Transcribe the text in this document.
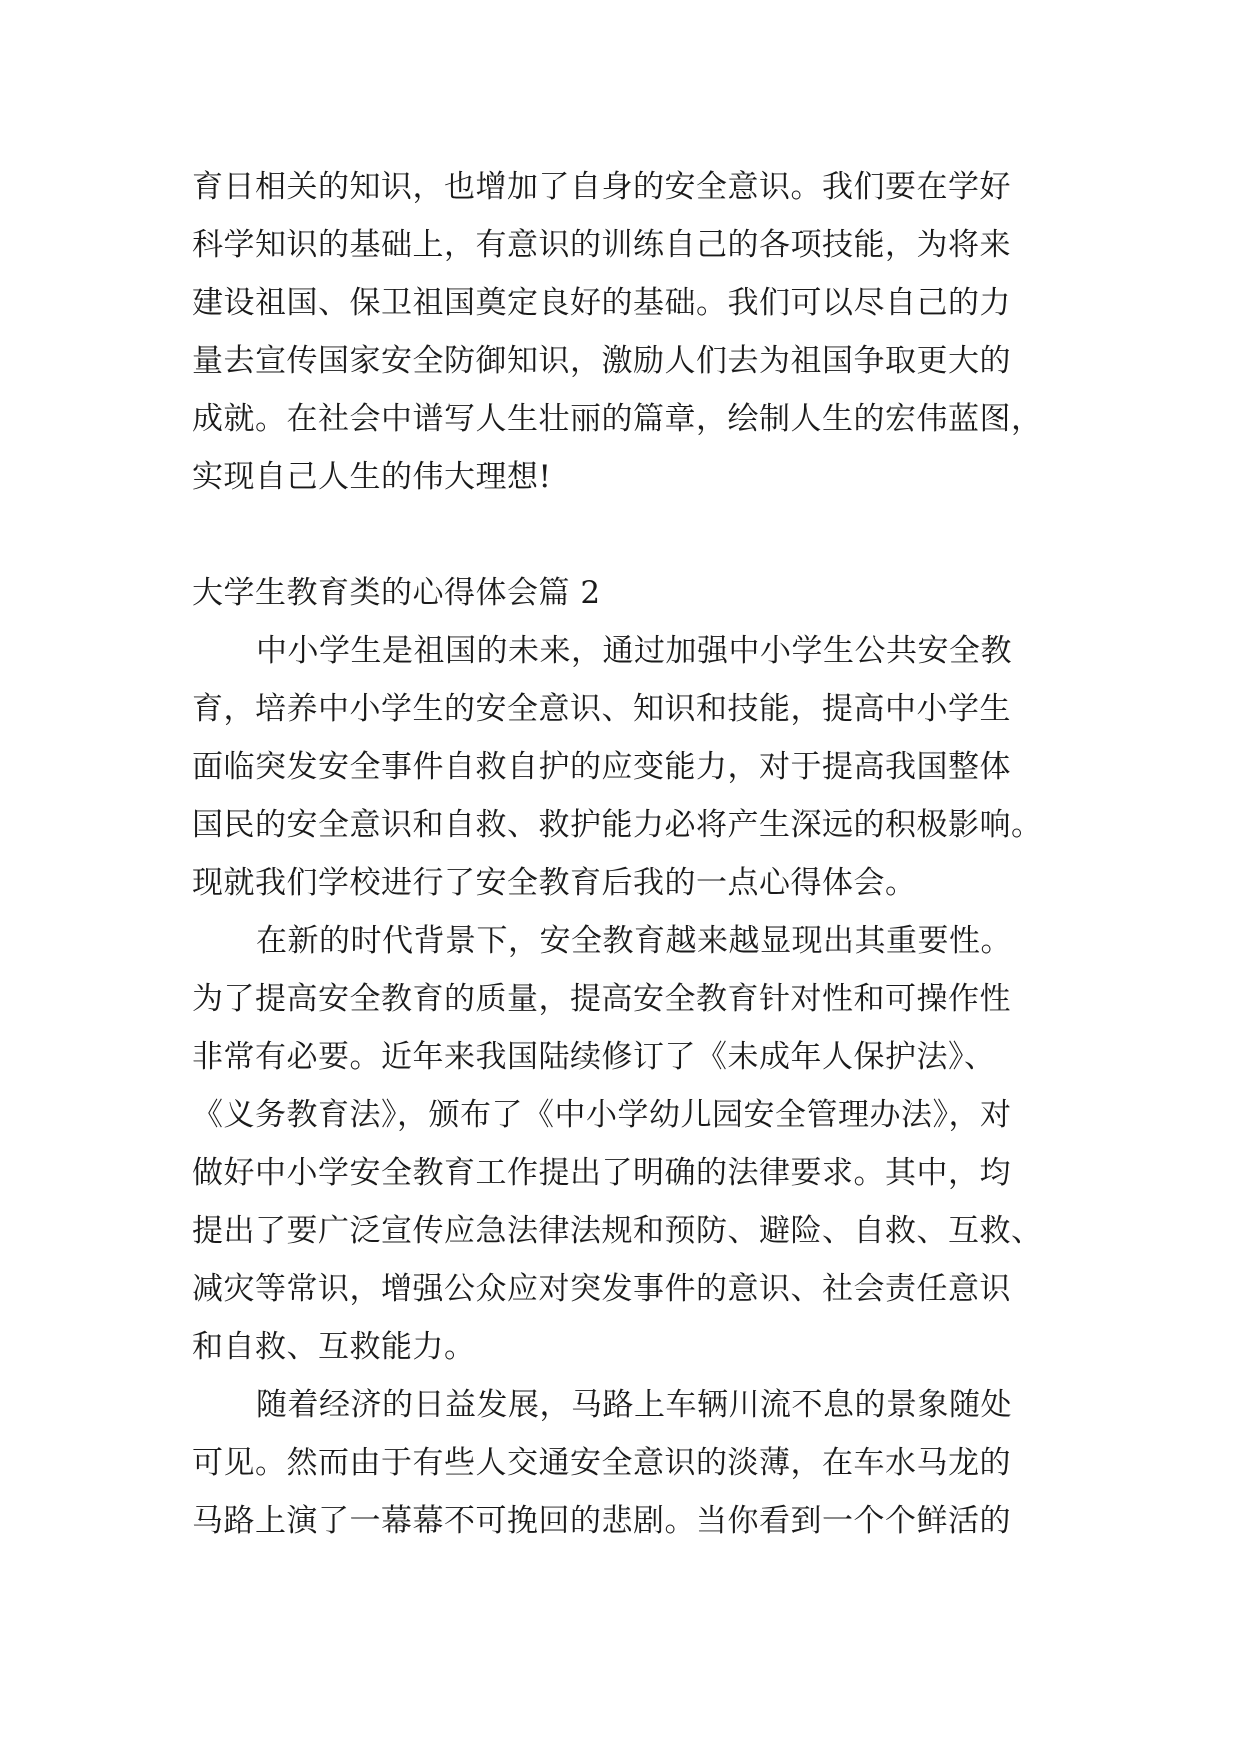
育日相关的知识，也增加了自身的安全意识。我们要在学好
科学知识的基础上，有意识的训练自己的各项技能，为将来
建设祖国、保卫祖国奠定良好的基础。我们可以尽自己的力
量去宣传国家安全防御知识，激励人们去为祖国争取更大的
成就。在社会中谱写人生壮丽的篇章，绘制人生的宏伟蓝图，
实现自己人生的伟大理想!
大学生教育类的心得体会篇 2
中小学生是祖国的未来，通过加强中小学生公共安全教
育，培养中小学生的安全意识、知识和技能，提高中小学生
面临突发安全事件自救自护的应变能力，对于提高我国整体
国民的安全意识和自救、救护能力必将产生深远的积极影响。
现就我们学校进行了安全教育后我的一点心得体会。
在新的时代背景下，安全教育越来越显现出其重要性。
为了提高安全教育的质量，提高安全教育针对性和可操作性
非常有必要。近年来我国陆续修订了《未成年人保护法》、
《义务教育法》，颁布了《中小学幼儿园安全管理办法》，对
做好中小学安全教育工作提出了明确的法律要求。其中，均
提出了要广泛宣传应急法律法规和预防、避险、自救、互救、
减灾等常识，增强公众应对突发事件的意识、社会责任意识
和自救、互救能力。
随着经济的日益发展，马路上车辆川流不息的景象随处
可见。然而由于有些人交通安全意识的淡薄，在车水马龙的
马路上演了一幕幕不可挽回的悲剧。当你看到一个个鲜活的
